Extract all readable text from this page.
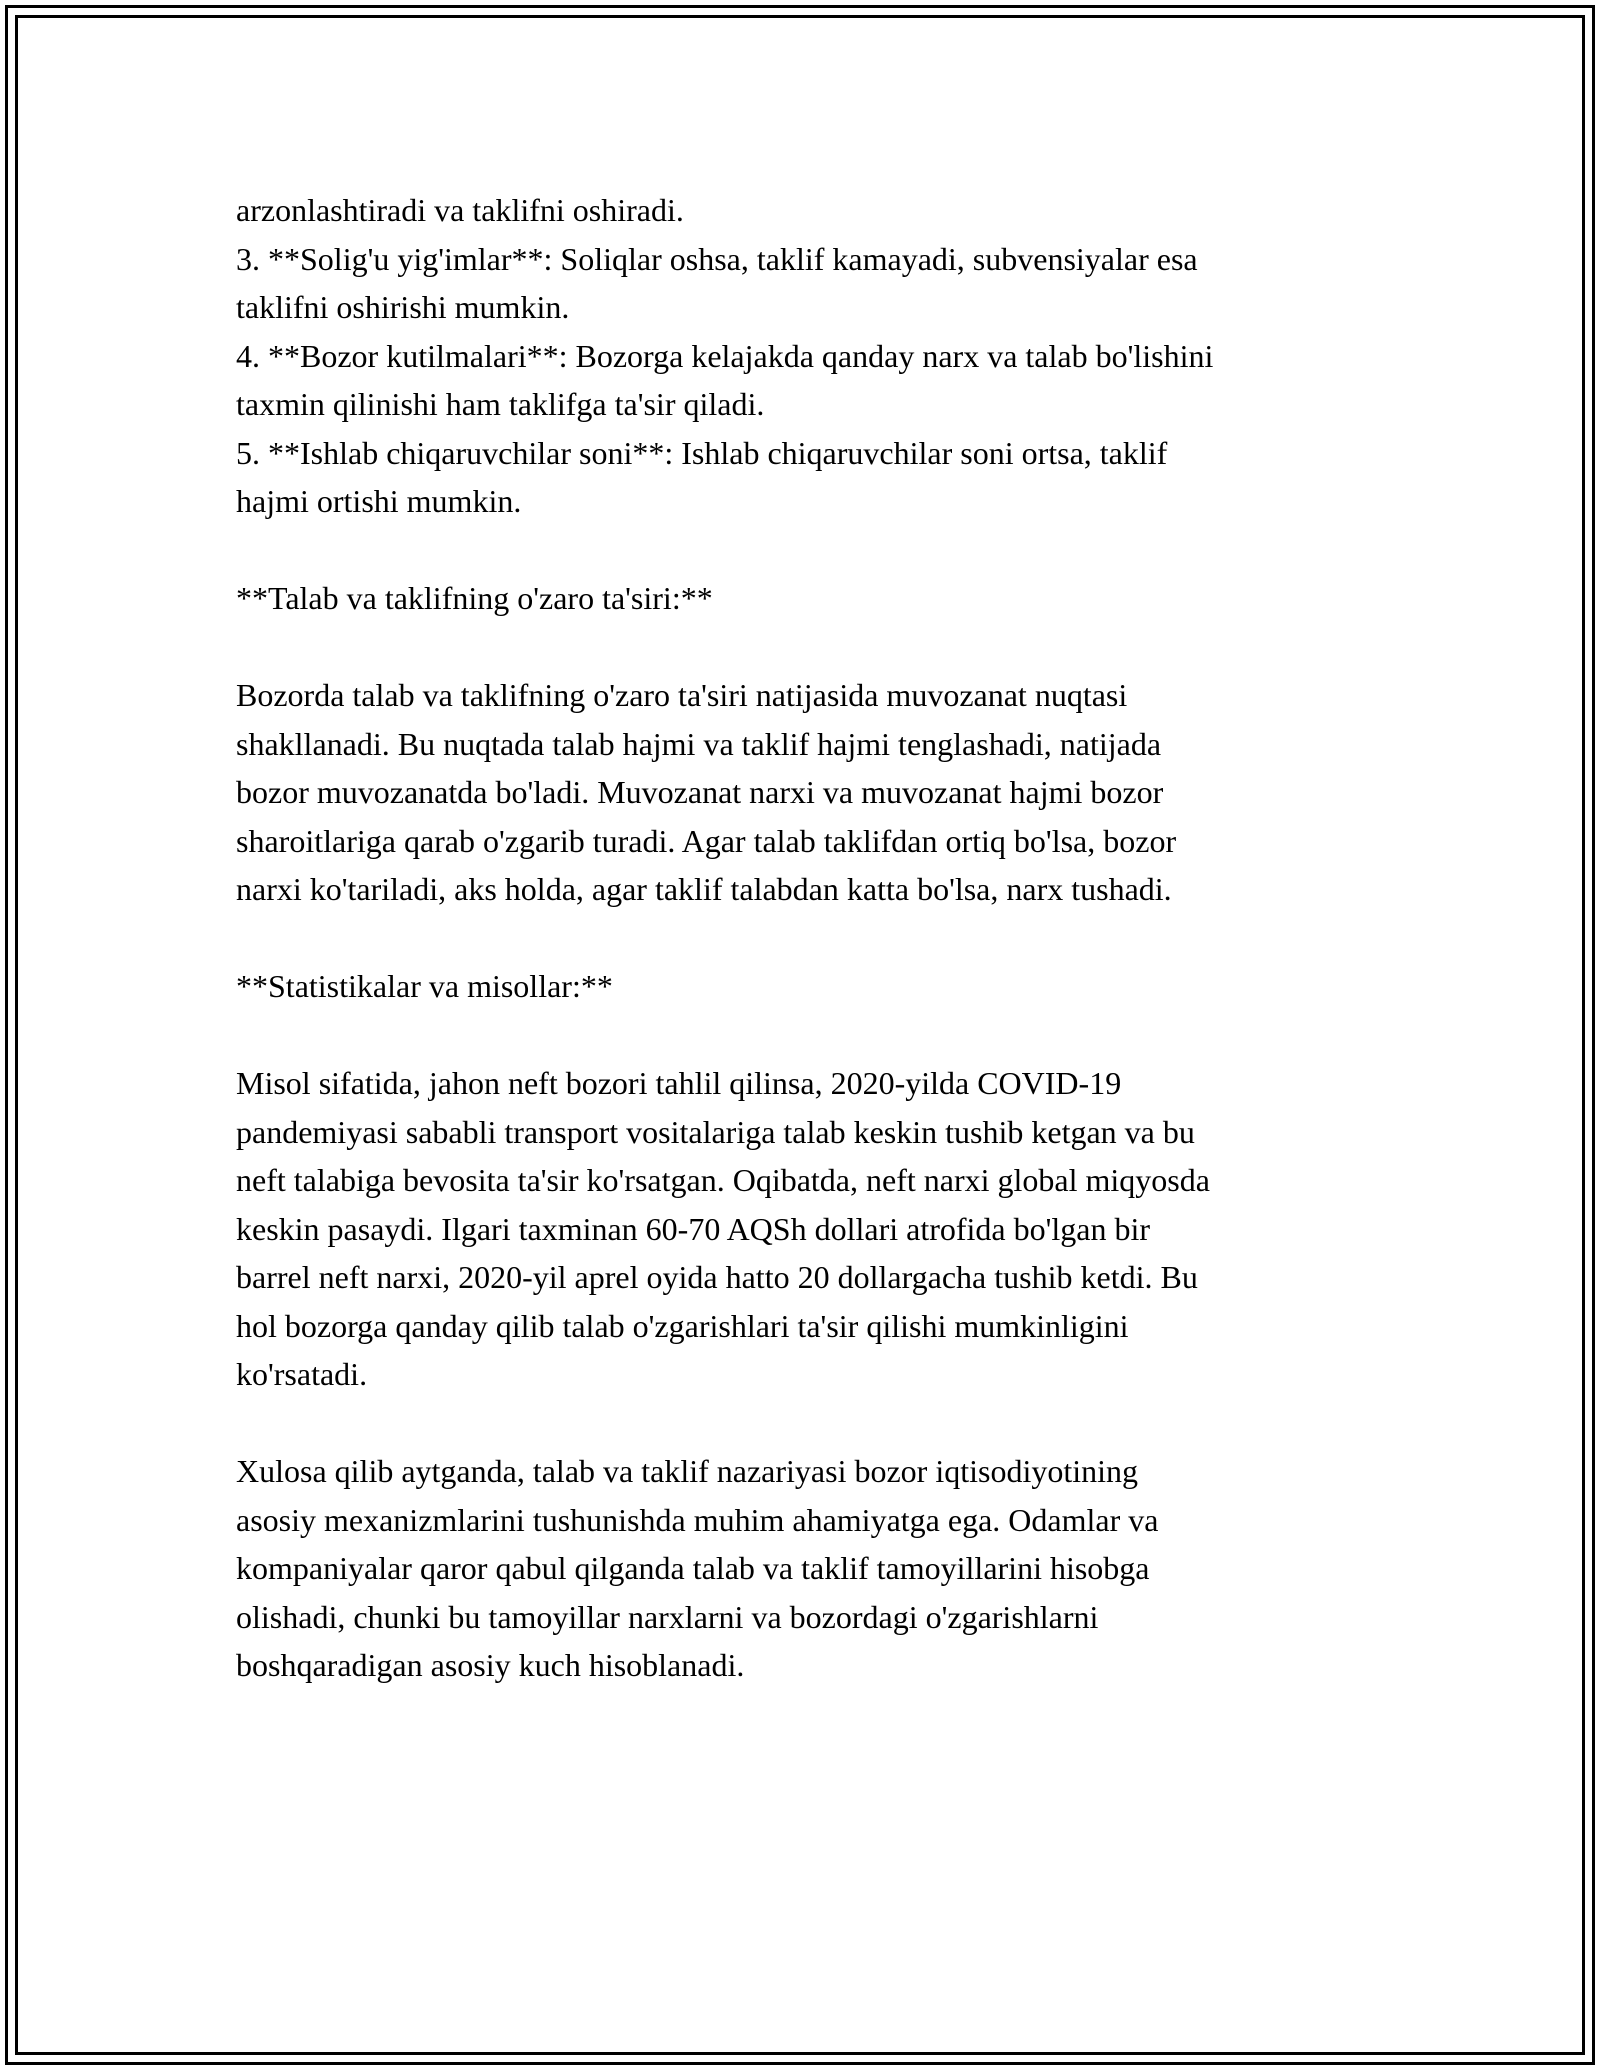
arzonlashtiradi va taklifni oshiradi.
3. **Solig'u yig'imlar**: Soliqlar oshsa, taklif kamayadi, subvensiyalar esa
taklifni oshirishi mumkin.
4. **Bozor kutilmalari**: Bozorga kelajakda qanday narx va talab bo'lishini
taxmin qilinishi ham taklifga ta'sir qiladi.
5. **Ishlab chiqaruvchilar soni**: Ishlab chiqaruvchilar soni ortsa, taklif
hajmi ortishi mumkin.
**Talab va taklifning o'zaro ta'siri:**
Bozorda talab va taklifning o'zaro ta'siri natijasida muvozanat nuqtasi
shakllanadi. Bu nuqtada talab hajmi va taklif hajmi tenglashadi, natijada
bozor muvozanatda bo'ladi. Muvozanat narxi va muvozanat hajmi bozor
sharoitlariga qarab o'zgarib turadi. Agar talab taklifdan ortiq bo'lsa, bozor
narxi ko'tariladi, aks holda, agar taklif talabdan katta bo'lsa, narx tushadi.
**Statistikalar va misollar:**
Misol sifatida, jahon neft bozori tahlil qilinsa, 2020-yilda COVID-19
pandemiyasi sababli transport vositalariga talab keskin tushib ketgan va bu
neft talabiga bevosita ta'sir ko'rsatgan. Oqibatda, neft narxi global miqyosda
keskin pasaydi. Ilgari taxminan 60-70 AQSh dollari atrofida bo'lgan bir
barrel neft narxi, 2020-yil aprel oyida hatto 20 dollargacha tushib ketdi. Bu
hol bozorga qanday qilib talab o'zgarishlari ta'sir qilishi mumkinligini
ko'rsatadi.
Xulosa qilib aytganda, talab va taklif nazariyasi bozor iqtisodiyotining
asosiy mexanizmlarini tushunishda muhim ahamiyatga ega. Odamlar va
kompaniyalar qaror qabul qilganda talab va taklif tamoyillarini hisobga
olishadi, chunki bu tamoyillar narxlarni va bozordagi o'zgarishlarni
boshqaradigan asosiy kuch hisoblanadi.
